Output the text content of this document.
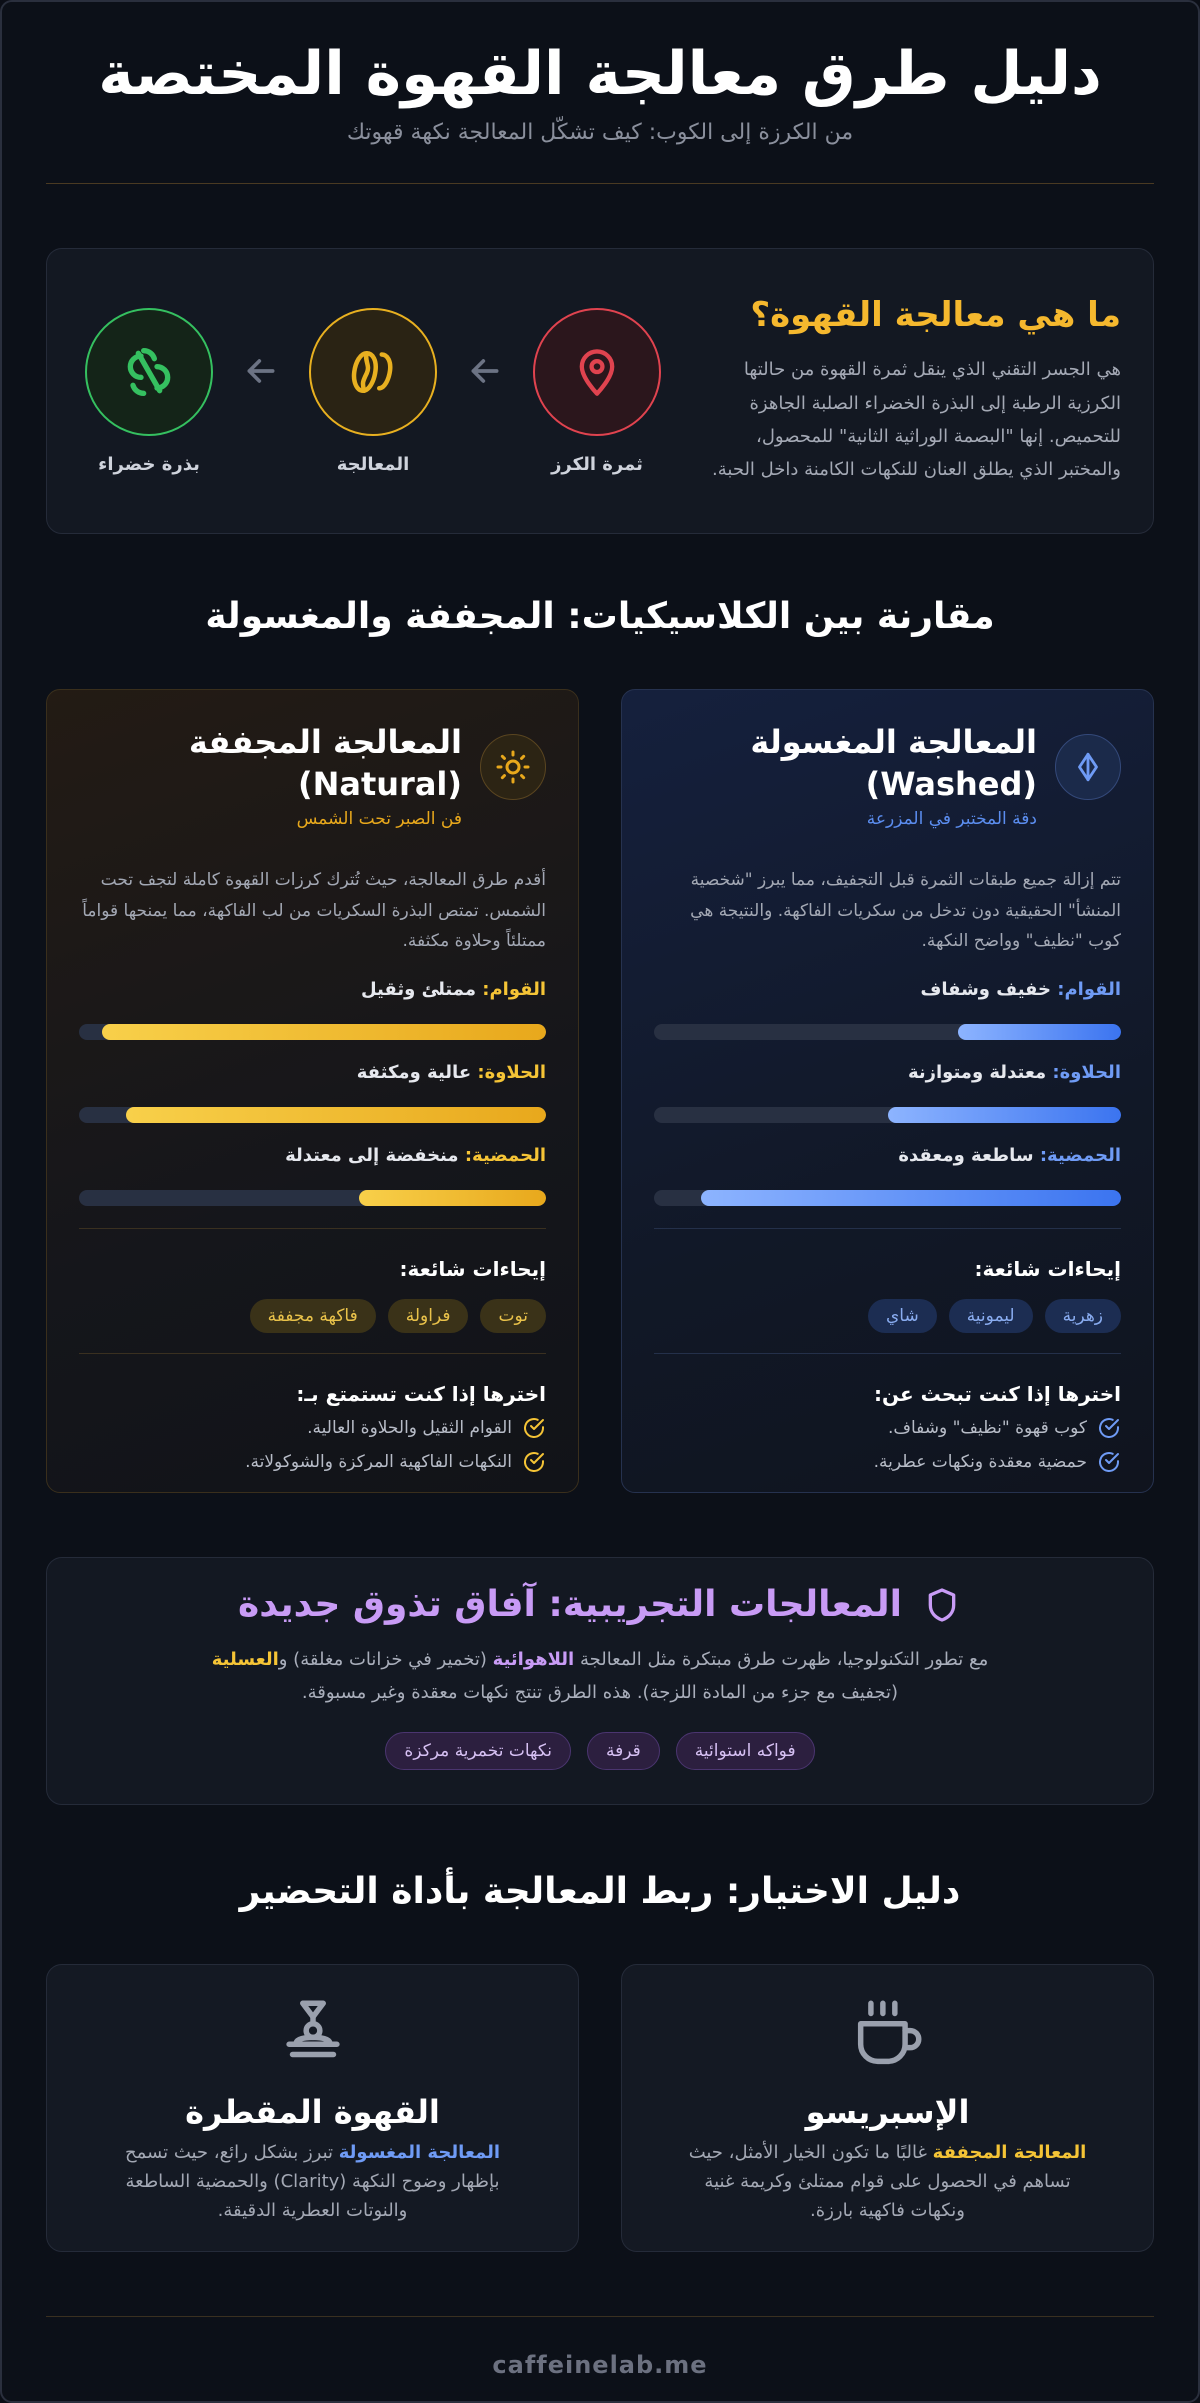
دليل طرق معالجة القهوة المختصة

من الكرزة إلى الكوب: كيف تشكّل المعالجة نكهة قهوتك

ما هي معالجة القهوة؟

هي الجسر التقني الذي ينقل ثمرة القهوة من حالتها الكرزية الرطبة إلى البذرة الخضراء الصلبة الجاهزة للتحميص. إنها "البصمة الوراثية الثانية" للمحصول، والمختبر الذي يطلق العنان للنكهات الكامنة داخل الحبة.

ثمرة الكرز
المعالجة
بذرة خضراء
مقارنة بين الكلاسيكيات: المجففة والمغسولة
المعالجة المغسولة (Washed)

دقة المختبر في المزرعة

تتم إزالة جميع طبقات الثمرة قبل التجفيف، مما يبرز "شخصية المنشأ" الحقيقية دون تدخل من سكريات الفاكهة. والنتيجة هي كوب "نظيف" وواضح النكهة.

القوام: خفيف وشفاف
الحلاوة: معتدلة ومتوازنة
الحمضية: ساطعة ومعقدة
إيحاءات شائعة:
زهرية
ليمونية
شاي
اخترها إذا كنت تبحث عن:
كوب قهوة "نظيف" وشفاف.
حمضية معقدة ونكهات عطرية.
المعالجة المجففة (Natural)

فن الصبر تحت الشمس

أقدم طرق المعالجة، حيث تُترك كرزات القهوة كاملة لتجف تحت الشمس. تمتص البذرة السكريات من لب الفاكهة، مما يمنحها قواماً ممتلئاً وحلاوة مكثفة.

القوام: ممتلئ وثقيل
الحلاوة: عالية ومكثفة
الحمضية: منخفضة إلى معتدلة
إيحاءات شائعة:
توت
فراولة
فاكهة مجففة
اخترها إذا كنت تستمتع بـ:
القوام الثقيل والحلاوة العالية.
النكهات الفاكهية المركزة والشوكولاتة.
المعالجات التجريبية: آفاق تذوق جديدة

مع تطور التكنولوجيا، ظهرت طرق مبتكرة مثل المعالجة اللاهوائية (تخمير في خزانات مغلقة) والعسلية
(تجفيف مع جزء من المادة اللزجة). هذه الطرق تنتج نكهات معقدة وغير مسبوقة.

فواكه استوائية
قرفة
نكهات تخمرية مركزة
دليل الاختيار: ربط المعالجة بأداة التحضير
الإسبريسو

المعالجة المجففة غالبًا ما تكون الخيار الأمثل، حيث تساهم في الحصول على قوام ممتلئ وكريمة غنية ونكهات فاكهية بارزة.

القهوة المقطرة

المعالجة المغسولة تبرز بشكل رائع، حيث تسمح بإظهار وضوح النكهة (Clarity) والحمضية الساطعة والنوتات العطرية الدقيقة.

caffeinelab.me
